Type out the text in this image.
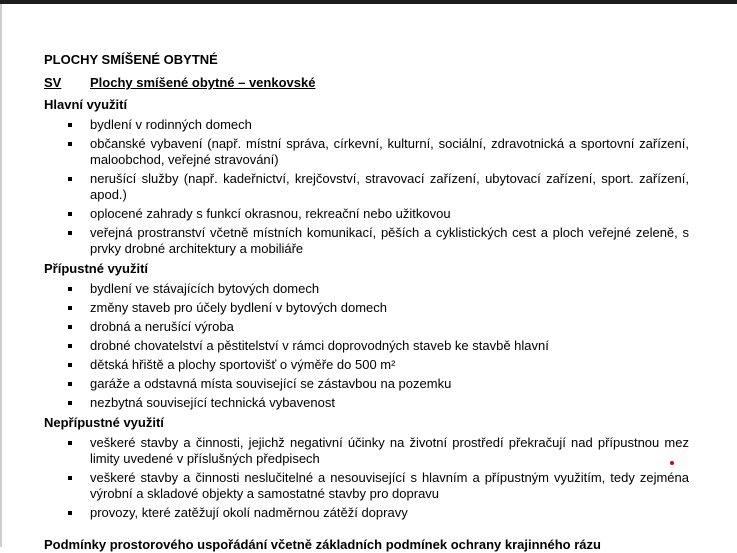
PLOCHY SMÍŠENÉ OBYTNÉ
SV	Plochy smíšené obytné – venkovské
Hlavní využití
bydlení v rodinných domech
občanské vybavení (např. místní správa, církevní, kulturní, sociální, zdravotnická a sportovní zařízení, maloobchod, veřejné stravování)
nerušící služby (např. kadeřnictví, krejčovství, stravovací zařízení, ubytovací zařízení, sport. zařízení, apod.)
oplocené zahrady s funkcí okrasnou, rekreační nebo užitkovou
veřejná prostranství včetně místních komunikací, pěších a cyklistických cest a ploch veřejné zeleně, s prvky drobné architektury a mobiliáře
Přípustné využití
bydlení ve stávajících bytových domech
změny staveb pro účely bydlení v bytových domech
drobná a nerušící výroba
drobné chovatelství a pěstitelství v rámci doprovodných staveb ke stavbě hlavní
dětská hřiště a plochy sportovišť o výměře do 500 m²
garáže a odstavná místa související se zástavbou na pozemku
nezbytná související technická vybavenost
Nepřípustné využití
veškeré stavby a činnosti, jejichž negativní účinky na životní prostředí překračují nad přípustnou mez limity uvedené v příslušných předpisech
veškeré stavby a činnosti neslučitelné a nesouvisející s hlavním a přípustným využitím, tedy zejména výrobní a skladové objekty a samostatné stavby pro dopravu
provozy, které zatěžují okolí nadměrnou zátěží dopravy
Podmínky prostorového uspořádání včetně základních podmínek ochrany krajinného rázu
